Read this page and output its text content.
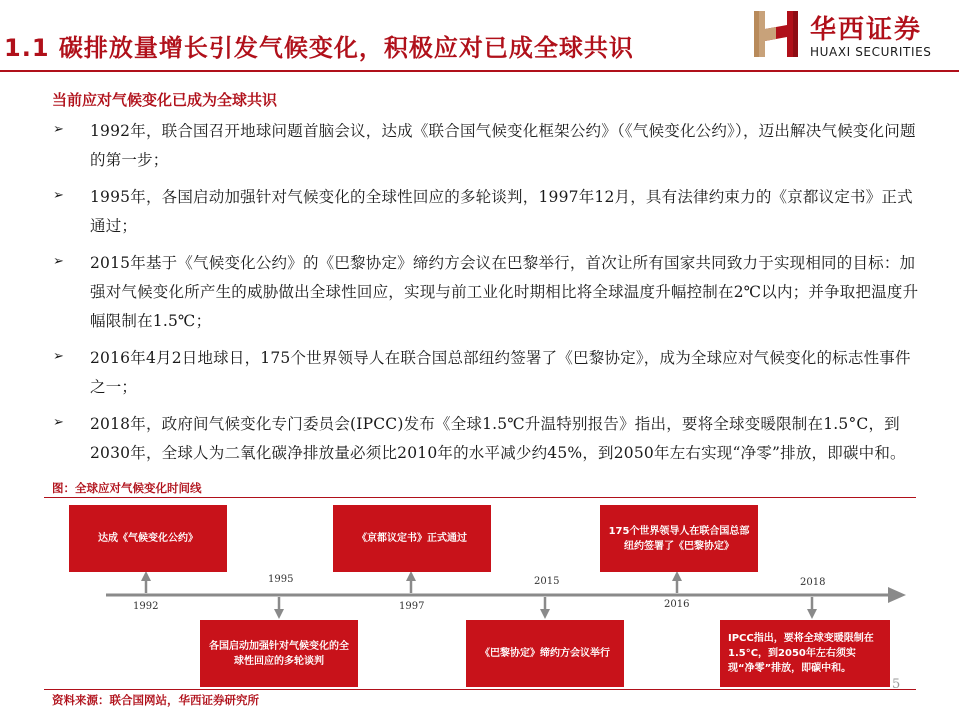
1.1 碳排放量增长引发气候变化，积极应对已成全球共识
华西证券
HUAXI SECURITIES
当前应对气候变化已成为全球共识
➢ 1992年，联合国召开地球问题首脑会议，达成《联合国气候变化框架公约》（《气候变化公约》），迈出解决气候变化问题的第一步；
➢ 1995年，各国启动加强针对气候变化的全球性回应的多轮谈判，1997年12月，具有法律约束力的《京都议定书》正式通过；
➢ 2015年基于《气候变化公约》的《巴黎协定》缔约方会议在巴黎举行，首次让所有国家共同致力于实现相同的目标：加强对气候变化所产生的威胁做出全球性回应，实现与前工业化时期相比将全球温度升幅控制在2℃以内；并争取把温度升幅限制在1.5℃；
➢ 2016年4月2日地球日，175个世界领导人在联合国总部纽约签署了《巴黎协定》，成为全球应对气候变化的标志性事件之一；
➢ 2018年，政府间气候变化专门委员会(IPCC)发布《全球1.5℃升温特别报告》指出，要将全球变暖限制在1.5°C，到2030年，全球人为二氧化碳净排放量必须比2010年的水平减少约45%，到2050年左右实现“净零”排放，即碳中和。
图：全球应对气候变化时间线
达成《气候变化公约》	《京都议定书》正式通过
175个世界领导人在联合国总部纽约签署了《巴黎协定》
各国启动加强针对气候变化的全球性回应的多轮谈判
《巴黎协定》缔约方会议举行
IPCC指出，要将全球变暖限制在1.5°C，到2050年左右须实现“净零”排放，即碳中和。
1992
1995
1997
2015
2016
2018
资料来源：联合国网站，华西证券研究所
5
